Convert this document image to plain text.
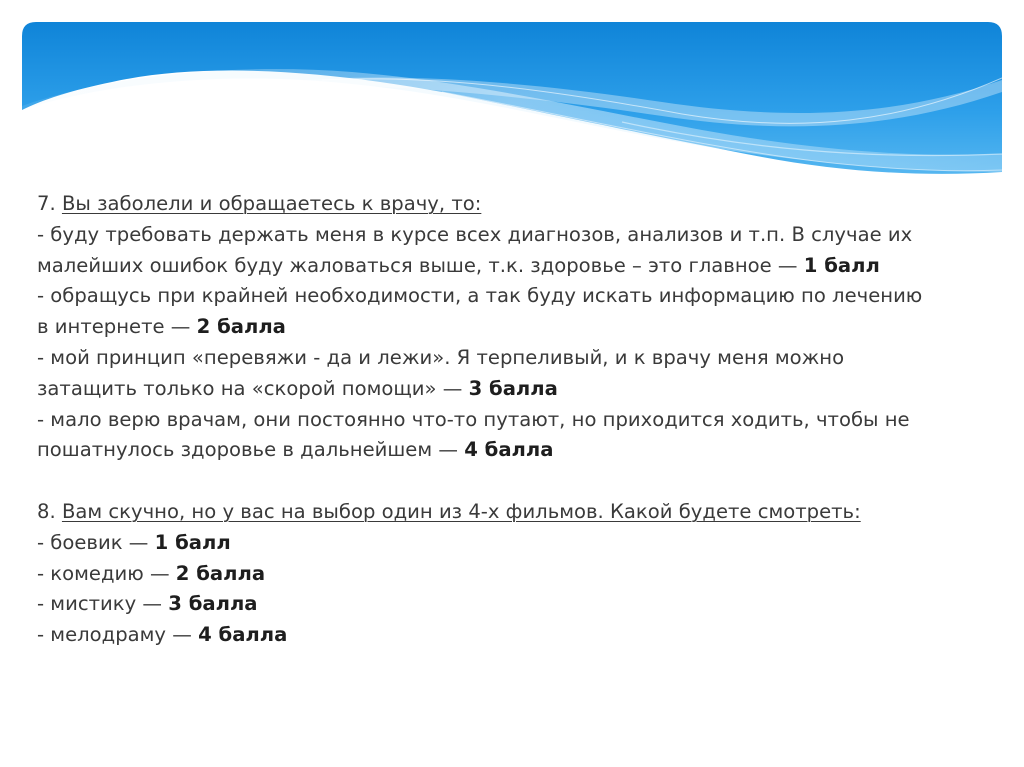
7. Вы заболели и обращаетесь к врачу, то:
- буду требовать держать меня в курсе всех диагнозов, анализов и т.п. В случае их
малейших ошибок буду жаловаться выше, т.к. здоровье – это главное — 1 балл
- обращусь при крайней необходимости, а так буду искать информацию по лечению
в интернете — 2 балла
- мой принцип «перевяжи - да и лежи». Я терпеливый, и к врачу меня можно
затащить только на «скорой помощи» — 3 балла
- мало верю врачам, они постоянно что-то путают, но приходится ходить, чтобы не
пошатнулось здоровье в дальнейшем — 4 балла
8. Вам скучно, но у вас на выбор один из 4-х фильмов. Какой будете смотреть:
- боевик — 1 балл
- комедию — 2 балла
- мистику — 3 балла
- мелодраму — 4 балла
